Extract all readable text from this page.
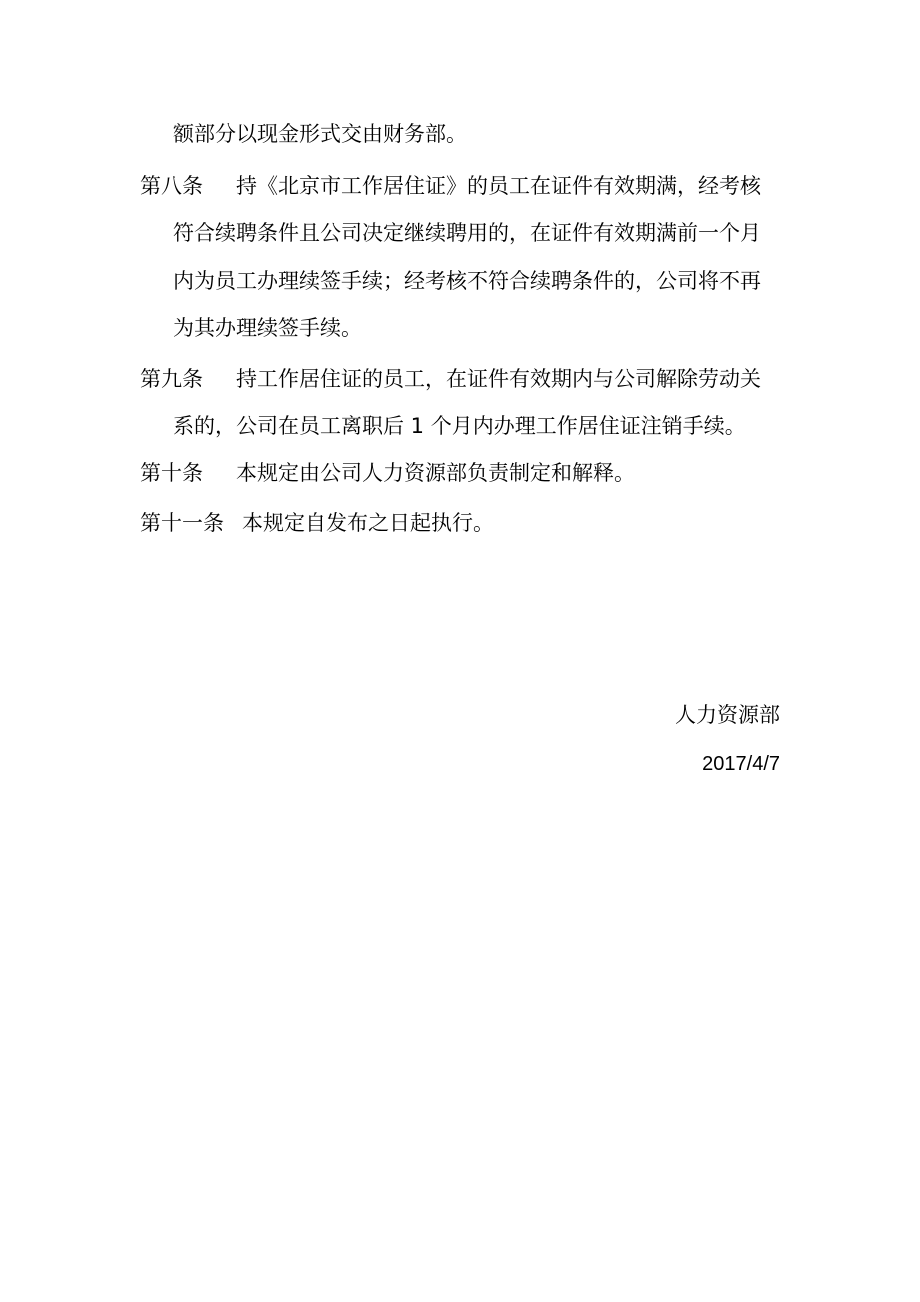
额部分以现金形式交由财务部。
第八条 持《北京市工作居住证》的员工在证件有效期满，经考核
符合续聘条件且公司决定继续聘用的，在证件有效期满前一个月
内为员工办理续签手续；经考核不符合续聘条件的，公司将不再
为其办理续签手续。
第九条 持工作居住证的员工，在证件有效期内与公司解除劳动关
系的，公司在员工离职后 1 个月内办理工作居住证注销手续。
第十条 本规定由公司人力资源部负责制定和解释。
第十一条 本规定自发布之日起执行。
人力资源部
2017/4/7
